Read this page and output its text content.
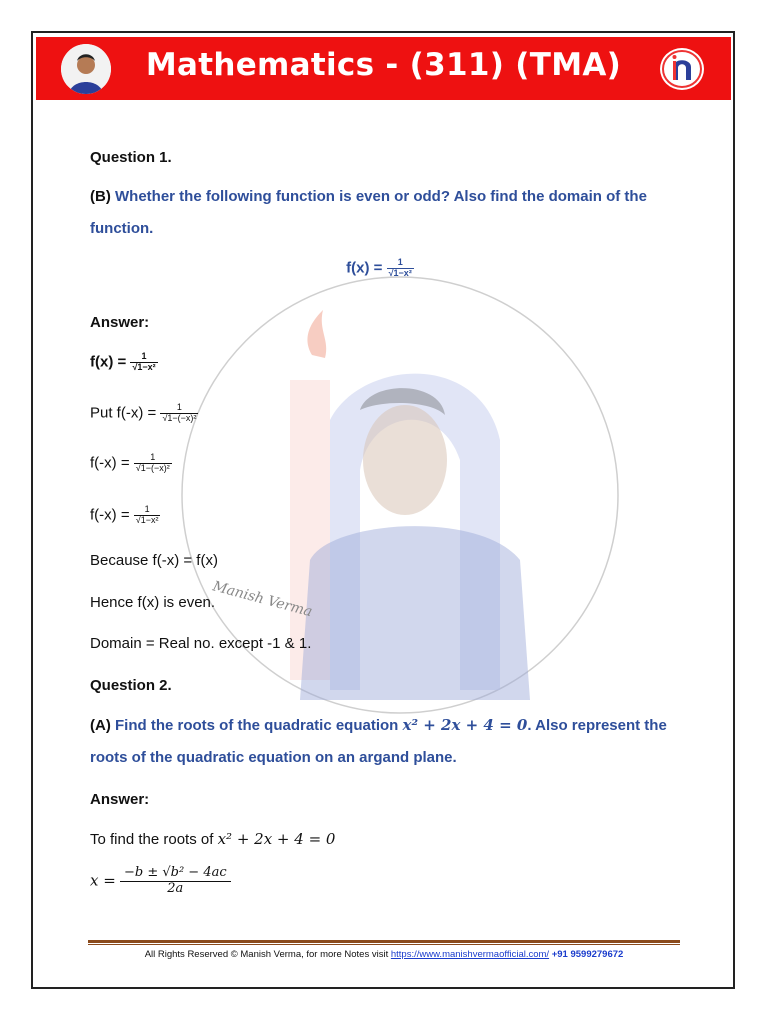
Manish Verma
Mathematics - (311) (TMA)
Question 1.
(B) Whether the following function is even or odd? Also find the domain of the
function.
$f(x) = \frac{1}{\text{√1−x²}}$
Answer:
$f(x) = \frac{1}{\text{√1−x²}}$
Put $f(-x) = \frac{1}{\text{√1−(−x)²}}$
$f(-x) = \frac{1}{\text{√1−(−x)²}}$
$f(-x) = \frac{1}{\text{√1−x²}}$
Because f(-x) = f(x)
Hence f(x) is even.
Domain = Real no. except -1 & 1.
Question 2.
(A) Find the roots of the quadratic equation x² + 2x + 4 = 0. Also represent the
roots of the quadratic equation on an argand plane.
Answer:
To find the roots of x² + 2x + 4 = 0
$x = \frac{\text{−b ± √b² − 4ac}}{2a}$
All Rights Reserved © Manish Verma, for more Notes visit https://www.manishvermaofficial.com/ +91 9599279672
